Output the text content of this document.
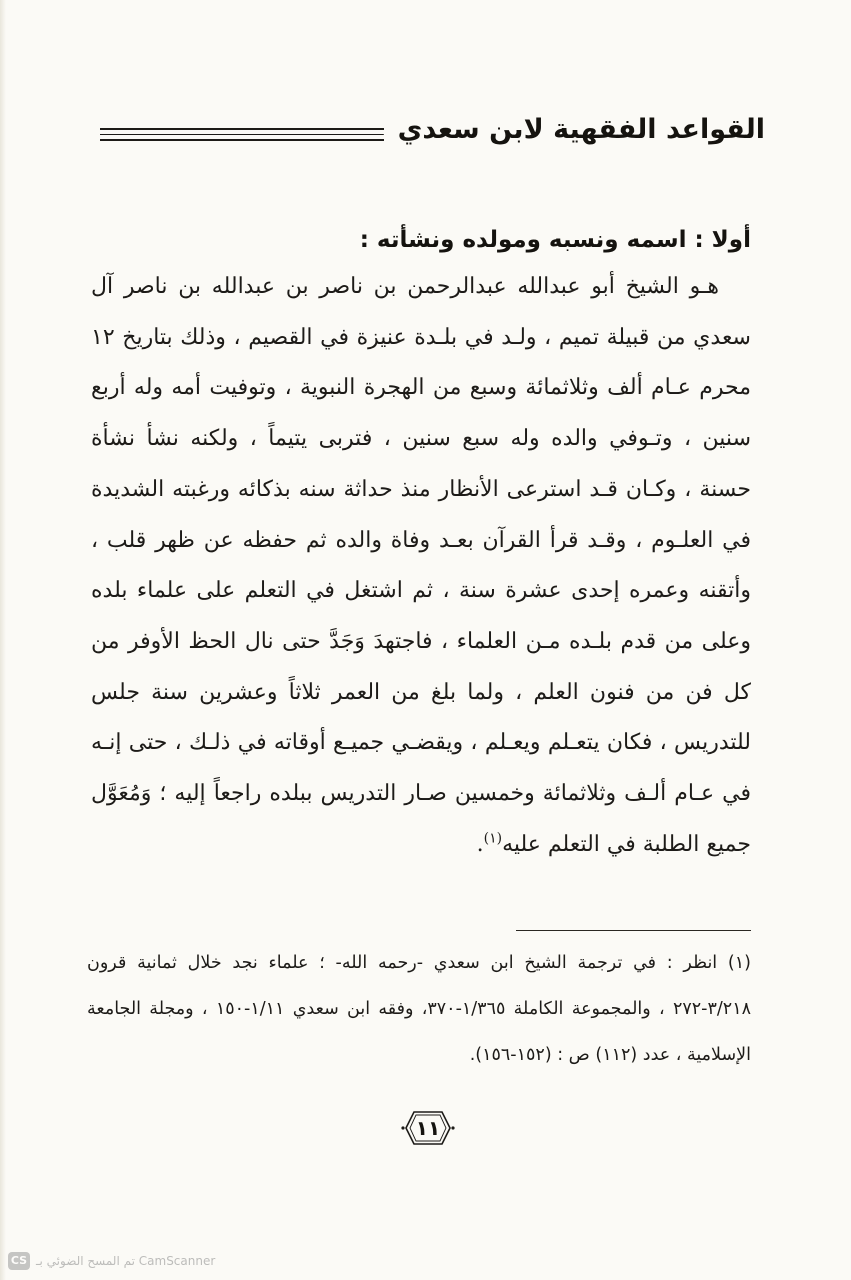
القواعد الفقهية لابن سعدي
أولا : اسمه ونسبه ومولده ونشأته :

هـو الشيخ أبو عبدالله عبدالرحمن بن ناصر بن عبدالله بن ناصر آل سعدي من قبيلة تميم ، ولـد في بلـدة عنيزة في القصيم ، وذلك بتاريخ ١٢ محرم عـام ألف وثلاثمائة وسبع من الهجرة النبوية ، وتوفيت أمه وله أربع سنين ، وتـوفي والده وله سبع سنين ، فتربى يتيماً ، ولكنه نشأ نشأة حسنة ، وكـان قـد استرعى الأنظار منذ حداثة سنه بذكائه ورغبته الشديدة في العلـوم ، وقـد قرأ القرآن بعـد وفاة والده ثم حفظه عن ظهر قلب ، وأتقنه وعمره إحدى عشرة سنة ، ثم اشتغل في التعلم على علماء بلده وعلى من قدم بلـده مـن العلماء ، فاجتهدَ وَجَدَّ حتى نال الحظ الأوفر من كل فن من فنون العلم ، ولما بلغ من العمر ثلاثاً وعشرين سنة جلس للتدريس ، فكان يتعـلم ويعـلم ، ويقضـي جميـع أوقاته في ذلـك ، حتى إنـه في عـام ألـف وثلاثمائة وخمسين صـار التدريس ببلده راجعاً إليه ؛ وَمُعَوَّل جميع الطلبة في التعلم عليه$^{(١)}$.

(١) انظر : في ترجمة الشيخ ابن سعدي -رحمه الله- ؛ علماء نجد خلال ثمانية قرون ٣/٢١٨-٢٧٢ ، والمجموعة الكاملة ١/٣٦٥-٣٧٠، وفقه ابن سعدي ١/١١-١٥٠ ، ومجلة الجامعة الإسلامية ، عدد (١١٢) ص : (١٥٢-١٥٦).

١١
CS تم المسح الضوئي بـ CamScanner
